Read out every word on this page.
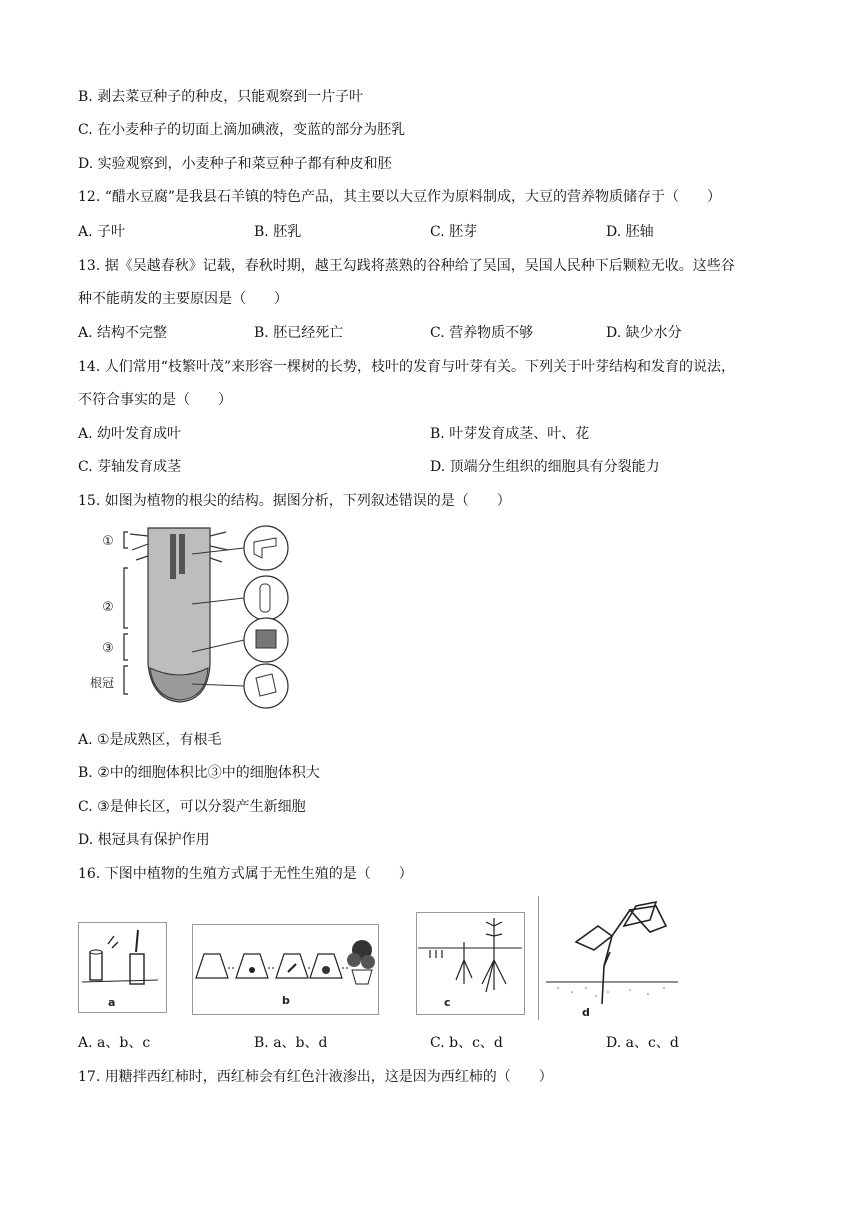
B. 剥去菜豆种子的种皮，只能观察到一片子叶
C. 在小麦种子的切面上滴加碘液，变蓝的部分为胚乳
D. 实验观察到，小麦种子和菜豆种子都有种皮和胚
12. “醋水豆腐”是我县石羊镇的特色产品，其主要以大豆作为原料制成，大豆的营养物质储存于（　　）
A. 子叶	B. 胚乳	C. 胚芽	D. 胚轴
13. 据《吴越春秋》记载，春秋时期，越王勾践将蒸熟的谷种给了吴国，吴国人民种下后颗粒无收。这些谷
种不能萌发的主要原因是（　　）
A. 结构不完整	B. 胚已经死亡	C. 营养物质不够	D. 缺少水分
14. 人们常用“枝繁叶茂”来形容一棵树的长势，枝叶的发育与叶芽有关。下列关于叶芽结构和发育的说法，
不符合事实的是（　　）
A. 幼叶发育成叶	B. 叶芽发育成茎、叶、花
C. 芽轴发育成茎	D. 顶端分生组织的细胞具有分裂能力
15. 如图为植物的根尖的结构。据图分析，下列叙述错误的是（　　）
①
②
③
根冠
A. ①是成熟区，有根毛
B. ②中的细胞体积比③中的细胞体积大
C. ③是伸长区，可以分裂产生新细胞
D. 根冠具有保护作用
16. 下图中植物的生殖方式属于无性生殖的是（　　）
a	b	c
d
A. a、b、c	B. a、b、d	C. b、c、d	D. a、c、d
17. 用糖拌西红柿时，西红柿会有红色汁液渗出，这是因为西红柿的（　　）
